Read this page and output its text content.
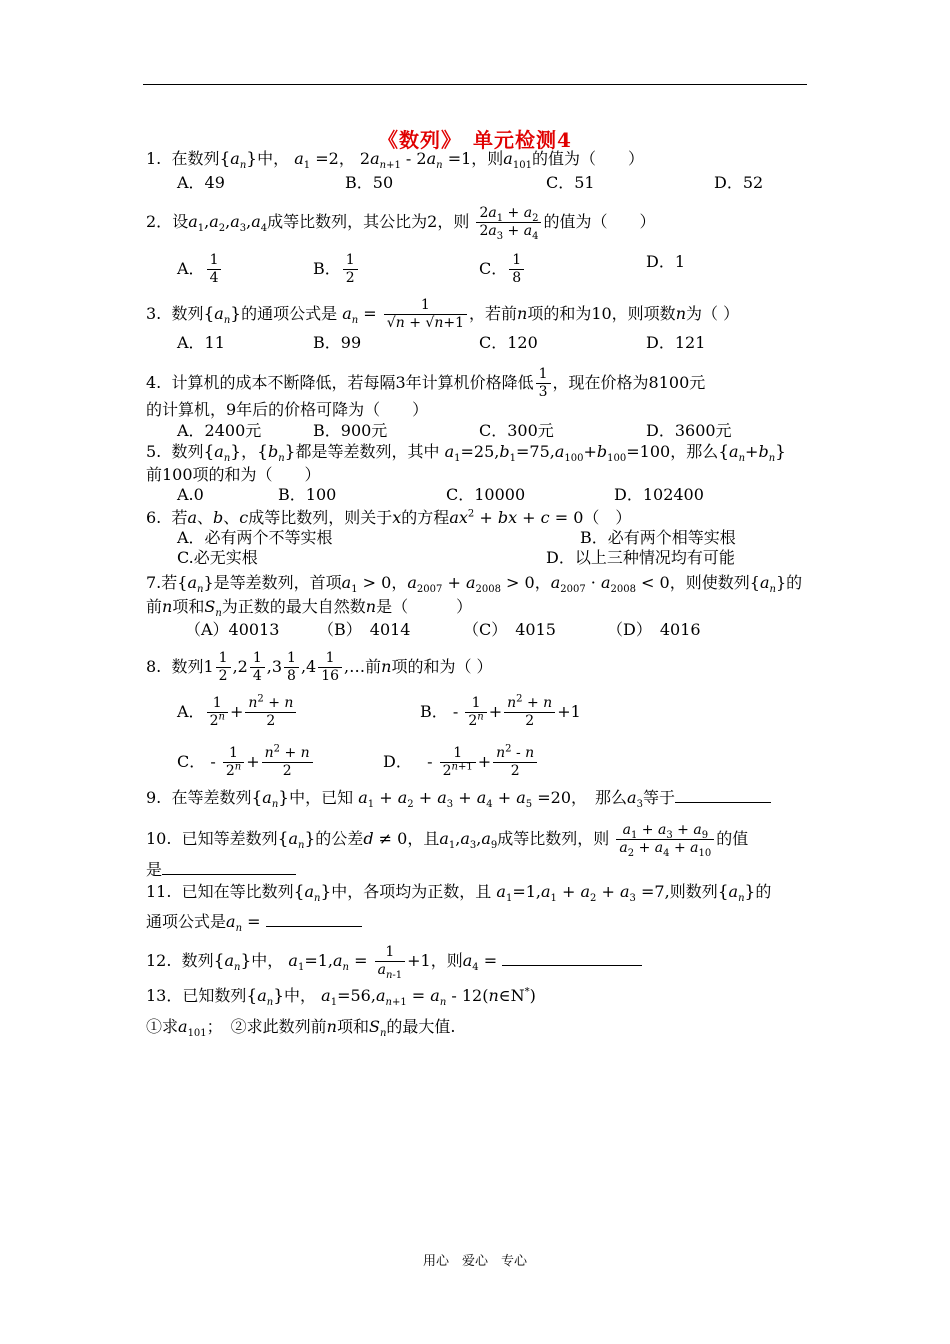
《数列》　单元检测4
1. 在数列$\{a_n\}$中， $a_1 =2$， $2a_{n+1} - 2a_n =1$，则$a_{101}$的值为（　　）
A．49	B．50	C．51	D．52
2．设$a_1,a_2,a_3,a_4$成等比数列，其公比为2，则 $\frac{2a_1 + a_2}{2a_3 + a_4}$ 的值为（　　）
A． $\frac{1}{4}$	B． $\frac{1}{2}$	C． $\frac{1}{8}$	D．1
3. 数列$\{a_n\}$的通项公式是 $a_n = \frac{1}{√n + √n+1}$ ，若前n项的和为10，则项数n为（ ）
A．11	B．99	C．120	D．121
4. 计算机的成本不断降低，若每隔3年计算机价格降低 $\frac{1}{3}$ ，现在价格为8100元
的计算机，9年后的价格可降为（　　）
A．2400元	B．900元	C．300元	D．3600元
5. 数列$\{a_n\}$，$\{b_n\}$都是等差数列，其中 $a_1=25,b_1=75,a_{100}+b_{100}=100$，那么$\{a_n+b_n\}$
前100项的和为（　　）
A.0	B．100	C．10000	D．102400
6. 若a、b、c成等比数列，则关于x的方程$ax^2$ + bx + c = 0（　）
A．必有两个不等实根	B．必有两个相等实根
C.必无实根	D．以上三种情况均有可能
7.若$\{a_n\}$是等差数列，首项$a_1 > 0$，$a_{2007} + a_{2008} > 0$，$a_{2007} \cdot a_{2008} < 0$，则使数列$\{a_n\}$的
前n项和$S_n$为正数的最大自然数n是（　　　）
（A）40013 （B）　4014	（C）　4015	（D）　4016
8. 数列$1 \frac{1}{2} ,2 \frac{1}{4} ,3 \frac{1}{8} ,4 \frac{1}{16}$ ,…前n项的和为（ ）
A． $\frac{1}{2^n} + \frac{n^2 + n}{2}$	B． - $\frac{1}{2^n} + \frac{n^2 + n}{2} +1$
C． - $\frac{1}{2^n} + \frac{n^2 + n}{2}$	D．   - $\frac{1}{2^{n+1}} + \frac{n^2 - n}{2}$
9. 在等差数列$\{a_n\}$中，已知 $a_1 + a_2 + a_3 + a_4 + a_5 =20$，　那么$a_3$等于
10. 已知等差数列$\{a_n\}$的公差d ≠ 0，且$a_1,a_3,a_9$成等比数列，则 $\frac{a_1 + a_3 + a_9}{a_2 + a_4 + a_{10}}$ 的值
是
11. 已知在等比数列$\{a_n\}$中，各项均为正数，且 $a_1=1,a_1 + a_2 + a_3 =7$,则数列$\{a_n\}$的
通项公式是$a_n$ =
12. 数列$\{a_n\}$中， $a_1=1,a_n = \frac{1}{a_{n-1}} +1$，则$a_4$ =
13．已知数列$\{a_n\}$中， $a_1=56,a_{n+1} = a_n$ - 12(n∈N*)
①求$a_{101}$；　②求此数列前n项和$S_n$的最大值.
用心　爱心　专心
